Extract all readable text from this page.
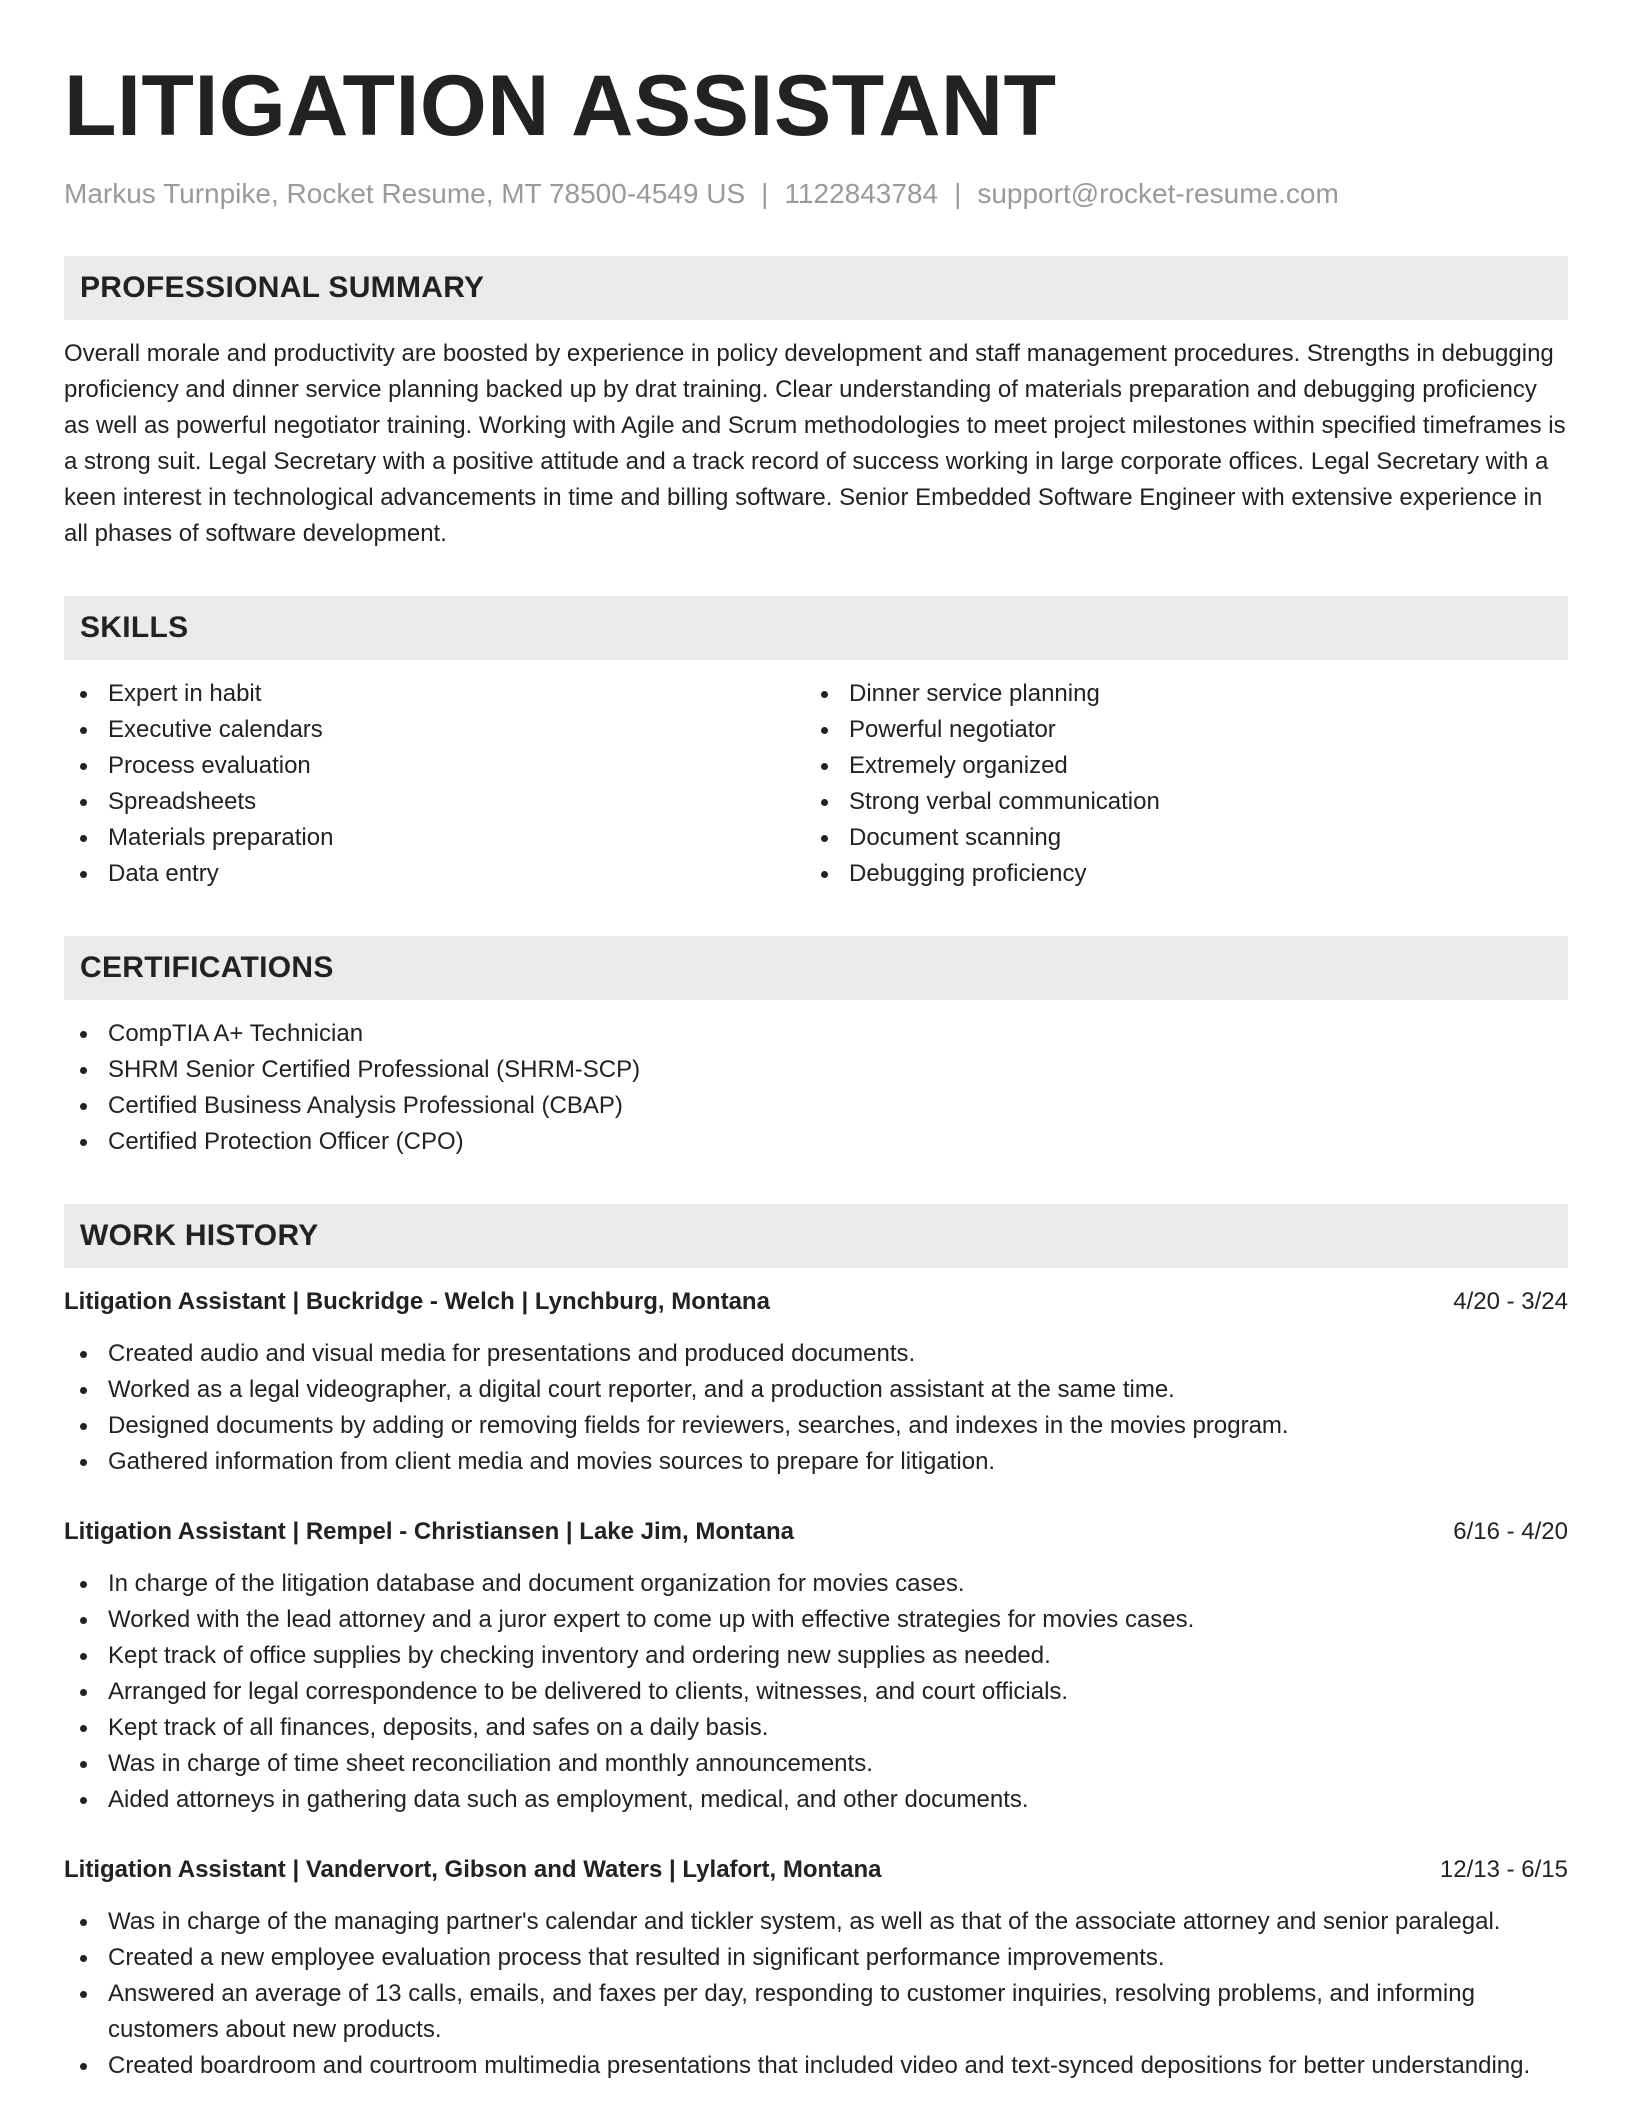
LITIGATION ASSISTANT
Markus Turnpike, Rocket Resume, MT 78500-4549 US | 1122843784 | support@rocket-resume.com
PROFESSIONAL SUMMARY

Overall morale and productivity are boosted by experience in policy development and staff management procedures. Strengths in debugging proficiency and dinner service planning backed up by drat training. Clear understanding of materials preparation and debugging proficiency as well as powerful negotiator training. Working with Agile and Scrum methodologies to meet project milestones within specified timeframes is a strong suit. Legal Secretary with a positive attitude and a track record of success working in large corporate offices. Legal Secretary with a keen interest in technological advancements in time and billing software. Senior Embedded Software Engineer with extensive experience in all phases of software development.

SKILLS
Expert in habit
Executive calendars
Process evaluation
Spreadsheets
Materials preparation
Data entry
Dinner service planning
Powerful negotiator
Extremely organized
Strong verbal communication
Document scanning
Debugging proficiency
CERTIFICATIONS
CompTIA A+ Technician
SHRM Senior Certified Professional (SHRM-SCP)
Certified Business Analysis Professional (CBAP)
Certified Protection Officer (CPO)
WORK HISTORY
Litigation Assistant | Buckridge - Welch | Lynchburg, Montana	4/20 - 3/24
Created audio and visual media for presentations and produced documents.
Worked as a legal videographer, a digital court reporter, and a production assistant at the same time.
Designed documents by adding or removing fields for reviewers, searches, and indexes in the movies program.
Gathered information from client media and movies sources to prepare for litigation.
Litigation Assistant | Rempel - Christiansen | Lake Jim, Montana	6/16 - 4/20
In charge of the litigation database and document organization for movies cases.
Worked with the lead attorney and a juror expert to come up with effective strategies for movies cases.
Kept track of office supplies by checking inventory and ordering new supplies as needed.
Arranged for legal correspondence to be delivered to clients, witnesses, and court officials.
Kept track of all finances, deposits, and safes on a daily basis.
Was in charge of time sheet reconciliation and monthly announcements.
Aided attorneys in gathering data such as employment, medical, and other documents.
Litigation Assistant | Vandervort, Gibson and Waters | Lylafort, Montana	12/13 - 6/15
Was in charge of the managing partner's calendar and tickler system, as well as that of the associate attorney and senior paralegal.
Created a new employee evaluation process that resulted in significant performance improvements.
Answered an average of 13 calls, emails, and faxes per day, responding to customer inquiries, resolving problems, and informing customers about new products.
Created boardroom and courtroom multimedia presentations that included video and text-synced depositions for better understanding.
